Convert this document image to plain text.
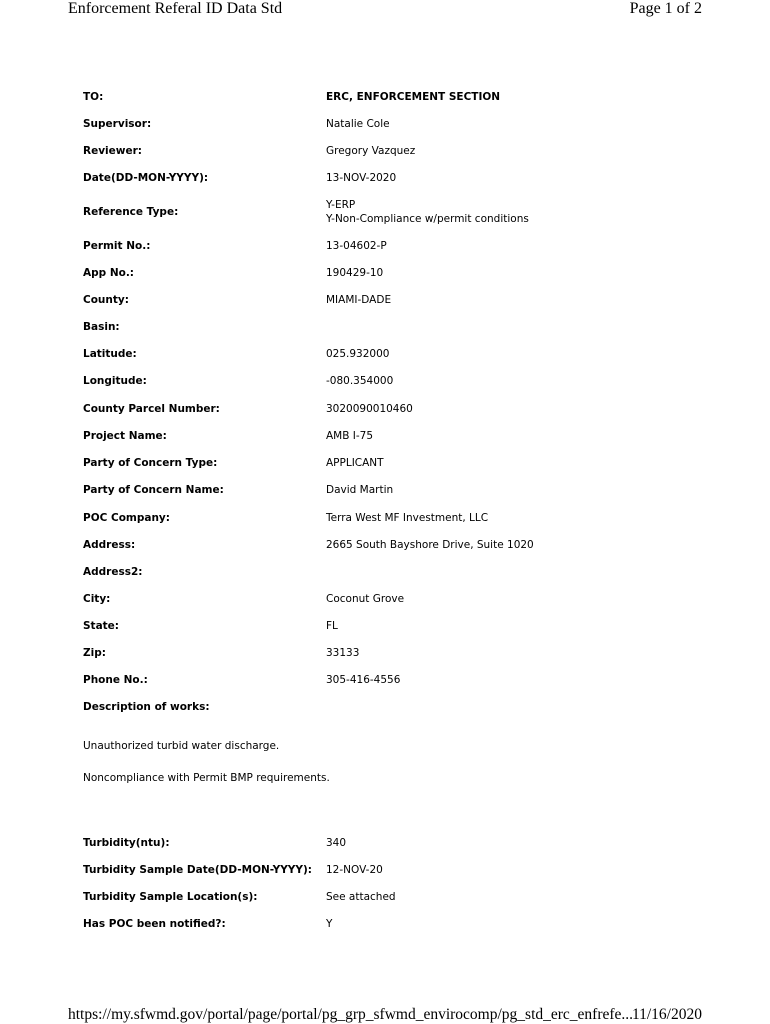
Enforcement Referal ID Data Std	Page 1 of 2
TO:	ERC, ENFORCEMENT SECTION
Supervisor:	Natalie Cole
Reviewer:	Gregory Vazquez
Date(DD-MON-YYYY):	13-NOV-2020
Reference Type:
Y-ERP
Y-Non-Compliance w/permit conditions
Permit No.:	13-04602-P
App No.:	190429-10
County:	MIAMI-DADE
Basin:
Latitude:	025.932000
Longitude:	-080.354000
County Parcel Number:	3020090010460
Project Name:	AMB I-75
Party of Concern Type:	APPLICANT
Party of Concern Name:	David Martin
POC Company:	Terra West MF Investment, LLC
Address:	2665 South Bayshore Drive, Suite 1020
Address2:
City:	Coconut Grove
State:	FL
Zip:	33133
Phone No.:	305-416-4556
Description of works:
Unauthorized turbid water discharge.
Noncompliance with Permit BMP requirements.
Turbidity(ntu):	340
Turbidity Sample Date(DD-MON-YYYY): 12-NOV-20
Turbidity Sample Location(s):	See attached
Has POC been notified?:	Y
https://my.sfwmd.gov/portal/page/portal/pg_grp_sfwmd_envirocomp/pg_std_erc_enfrefe...
11/16/2020
